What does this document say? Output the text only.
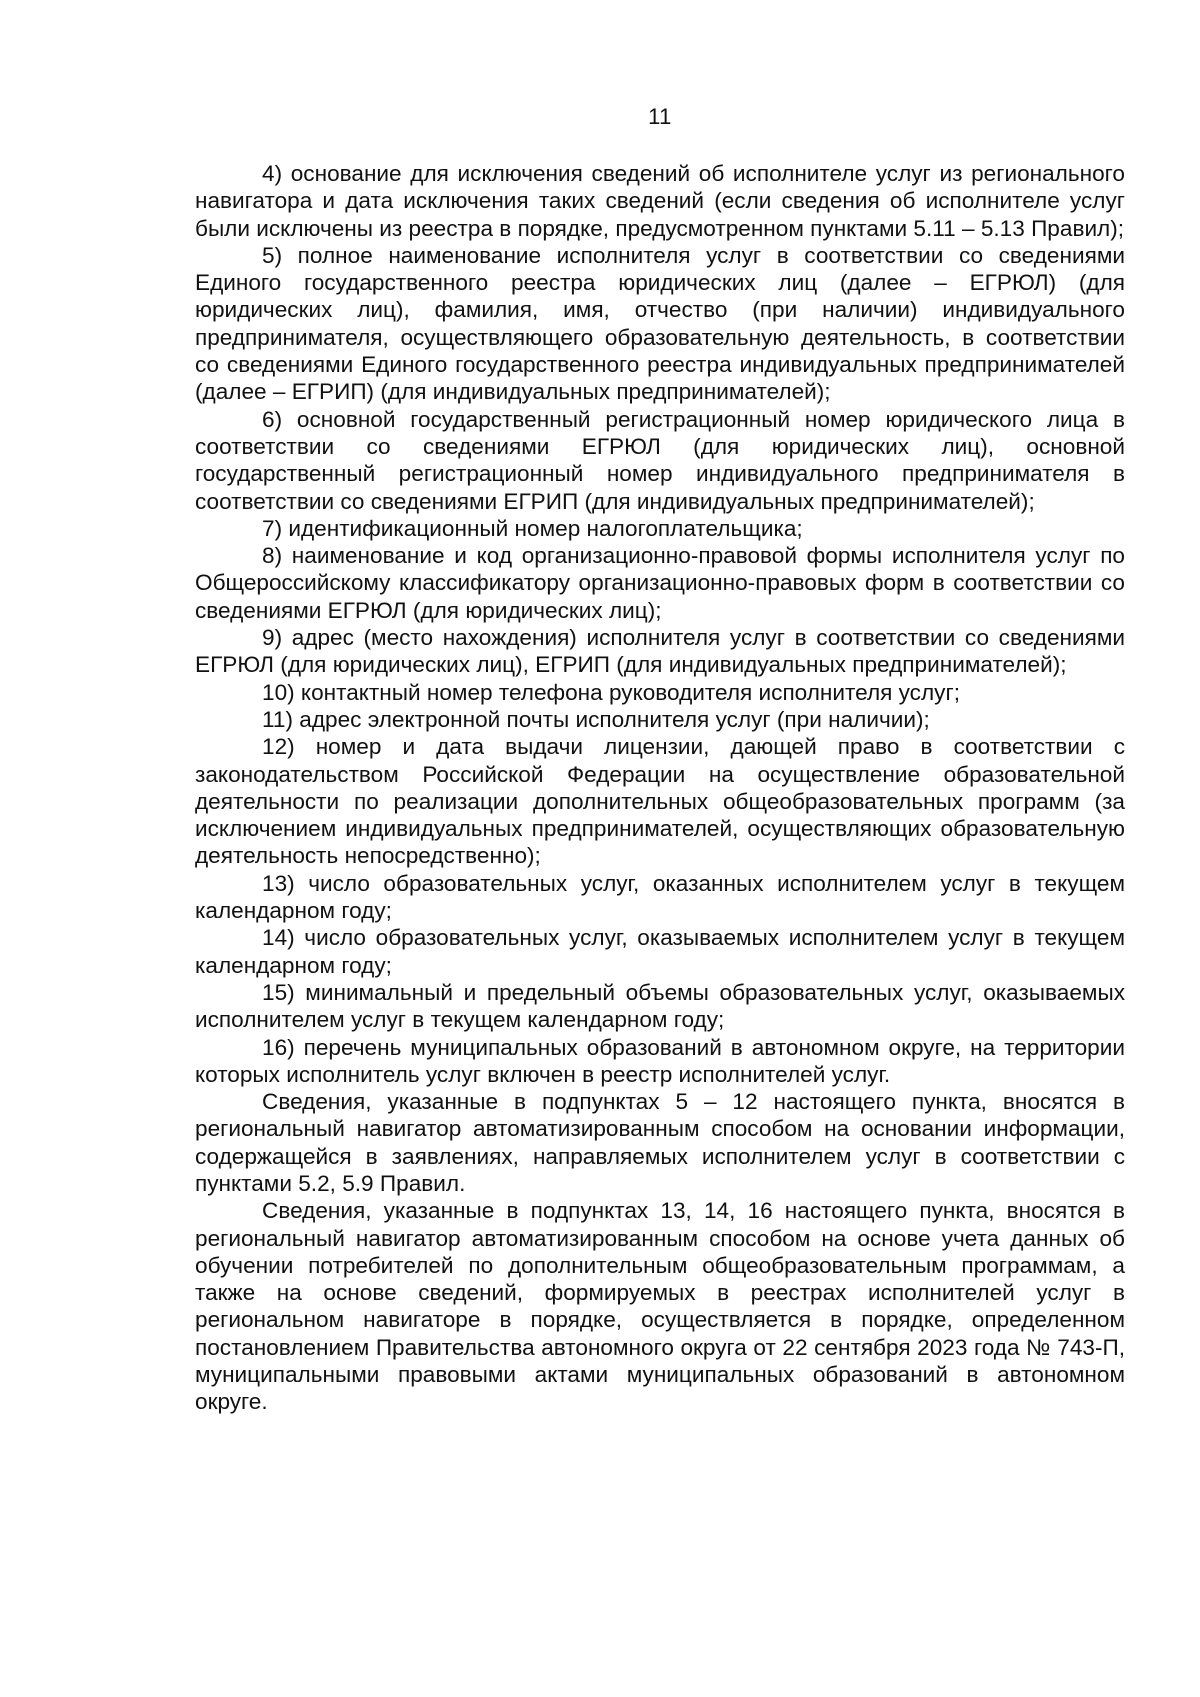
11

4) основание для исключения сведений об исполнителе услуг из регионального навигатора и дата исключения таких сведений (если сведения об исполнителе услуг были исключены из реестра в порядке, предусмотренном пунктами 5.11 – 5.13 Правил);

5) полное наименование исполнителя услуг в соответствии со сведениями Единого государственного реестра юридических лиц (далее – ЕГРЮЛ) (для юридических лиц), фамилия, имя, отчество (при наличии) индивидуального предпринимателя, осуществляющего образовательную деятельность, в соответствии со сведениями Единого государственного реестра индивидуальных предпринимателей (далее – ЕГРИП) (для индивидуальных предпринимателей);

6) основной государственный регистрационный номер юридического лица в соответствии со сведениями ЕГРЮЛ (для юридических лиц), основной государственный регистрационный номер индивидуального предпринимателя в соответствии со сведениями ЕГРИП (для индивидуальных предпринимателей);

7) идентификационный номер налогоплательщика;

8) наименование и код организационно-правовой формы исполнителя услуг по Общероссийскому классификатору организационно-правовых форм в соответствии со сведениями ЕГРЮЛ (для юридических лиц);

9) адрес (место нахождения) исполнителя услуг в соответствии со сведениями ЕГРЮЛ (для юридических лиц), ЕГРИП (для индивидуальных предпринимателей);

10) контактный номер телефона руководителя исполнителя услуг;

11) адрес электронной почты исполнителя услуг (при наличии);

12) номер и дата выдачи лицензии, дающей право в соответствии с законодательством Российской Федерации на осуществление образовательной деятельности по реализации дополнительных общеобразовательных программ (за исключением индивидуальных предпринимателей, осуществляющих образовательную деятельность непосредственно);

13) число образовательных услуг, оказанных исполнителем услуг в текущем календарном году;

14) число образовательных услуг, оказываемых исполнителем услуг в текущем календарном году;

15) минимальный и предельный объемы образовательных услуг, оказываемых исполнителем услуг в текущем календарном году;

16) перечень муниципальных образований в автономном округе, на территории которых исполнитель услуг включен в реестр исполнителей услуг.

Сведения, указанные в подпунктах 5 – 12 настоящего пункта, вносятся в региональный навигатор автоматизированным способом на основании информации, содержащейся в заявлениях, направляемых исполнителем услуг в соответствии с пунктами 5.2, 5.9 Правил.

Сведения, указанные в подпунктах 13, 14, 16 настоящего пункта, вносятся в региональный навигатор автоматизированным способом на основе учета данных об обучении потребителей по дополнительным общеобразовательным программам, а также на основе сведений, формируемых в реестрах исполнителей услуг в региональном навигаторе в порядке, осуществляется в порядке, определенном постановлением Правительства автономного округа от 22 сентября 2023 года № 743-П, муниципальными правовыми актами муниципальных образований в автономном округе.
